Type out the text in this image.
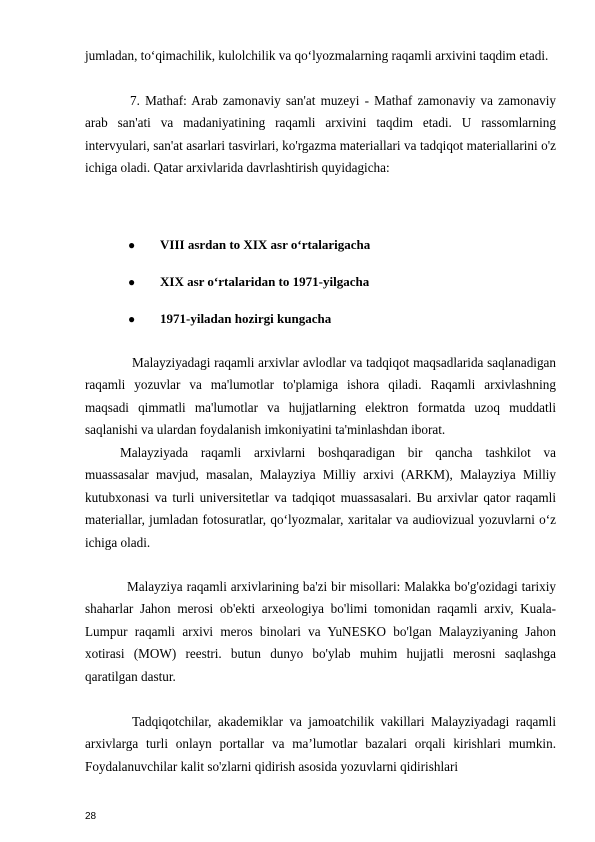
jumladan, toʻqimachilik, kulolchilik va qoʻlyozmalarning raqamli arxivini taqdim etadi.

7. Mathaf: Arab zamonaviy san'at muzeyi - Mathaf zamonaviy va zamonaviy arab san'ati va madaniyatining raqamli arxivini taqdim etadi. U rassomlarning intervyulari, san'at asarlari tasvirlari, ko'rgazma materiallari va tadqiqot materiallarini o'z ichiga oladi. Qatar arxivlarida davrlashtirish quyidagicha:

●	VIII asrdan to XIX asr oʻrtalarigacha
●	XIX asr oʻrtalaridan to 1971-yilgacha
●	1971-yiladan hozirgi kungacha

Malayziyadagi raqamli arxivlar avlodlar va tadqiqot maqsadlarida saqlanadigan raqamli yozuvlar va ma'lumotlar to'plamiga ishora qiladi. Raqamli arxivlashning maqsadi qimmatli ma'lumotlar va hujjatlarning elektron formatda uzoq muddatli saqlanishi va ulardan foydalanish imkoniyatini ta'minlashdan iborat.

Malayziyada raqamli arxivlarni boshqaradigan bir qancha tashkilot va muassasalar mavjud, masalan, Malayziya Milliy arxivi (ARKM), Malayziya Milliy kutubxonasi va turli universitetlar va tadqiqot muassasalari. Bu arxivlar qator raqamli materiallar, jumladan fotosuratlar, qoʻlyozmalar, xaritalar va audiovizual yozuvlarni oʻz ichiga oladi.

Malayziya raqamli arxivlarining ba'zi bir misollari: Malakka bo'g'ozidagi tarixiy shaharlar Jahon merosi ob'ekti arxeologiya bo'limi tomonidan raqamli arxiv, Kuala-Lumpur raqamli arxivi meros binolari va YuNESKO bo'lgan Malayziyaning Jahon xotirasi (MOW) reestri. butun dunyo bo'ylab muhim hujjatli merosni saqlashga qaratilgan dastur.

Tadqiqotchilar, akademiklar va jamoatchilik vakillari Malayziyadagi raqamli arxivlarga turli onlayn portallar va maʼlumotlar bazalari orqali kirishlari mumkin. Foydalanuvchilar kalit so'zlarni qidirish asosida yozuvlarni qidirishlari

28
